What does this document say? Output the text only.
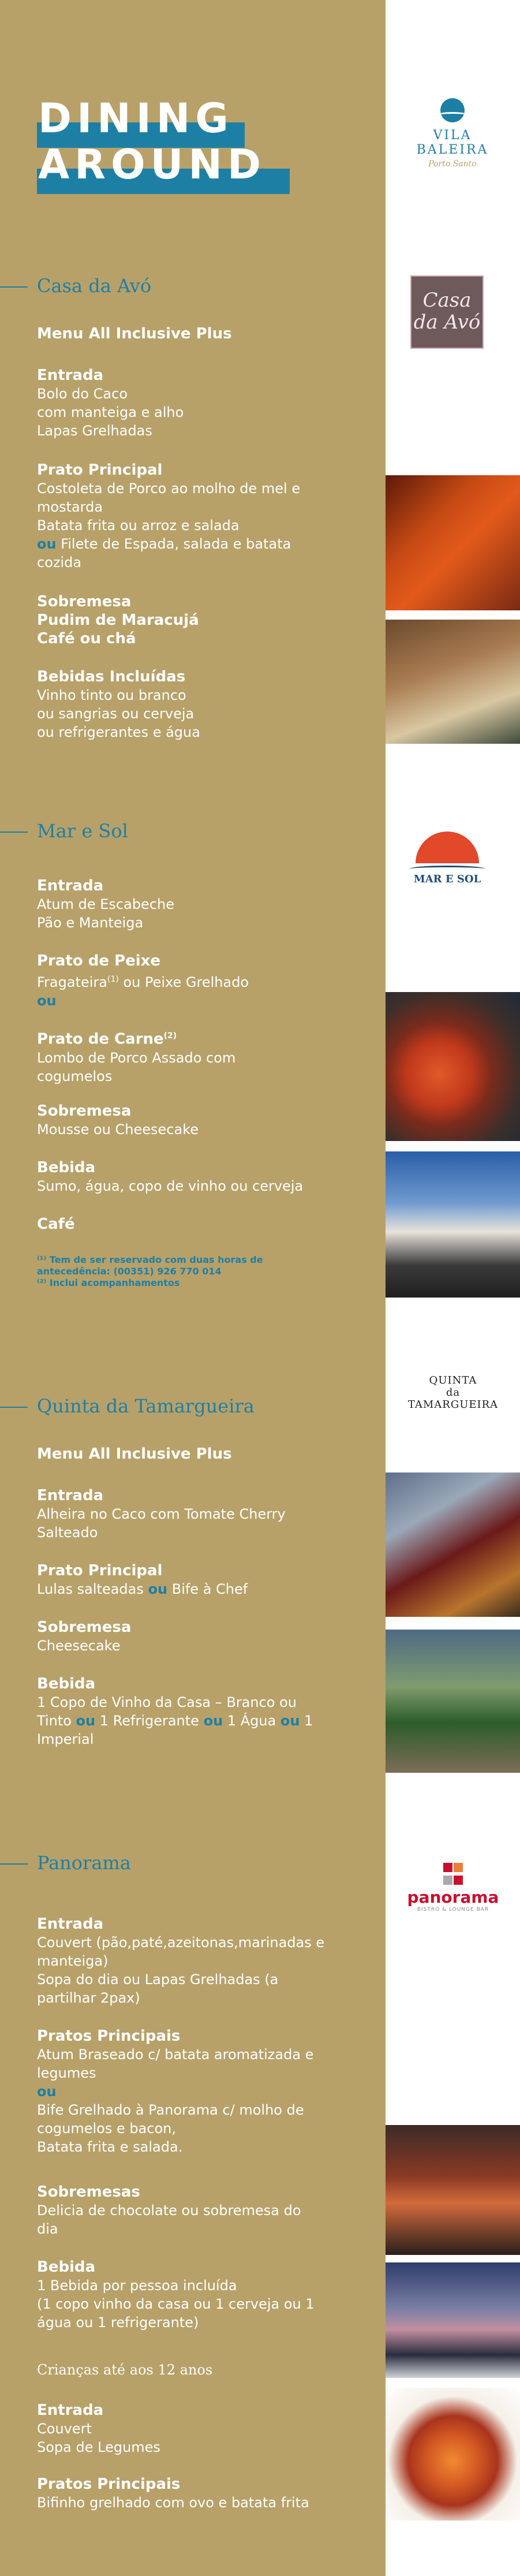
DINING
AROUND
VILA BALEIRA
Porto Santo
Casa da Avó
Casa da Avó

Menu All Inclusive Plus

Entrada

Bolo do Caco

com manteiga e alho

Lapas Grelhadas

Prato Principal

Costoleta de Porco ao molho de mel e

mostarda

Batata frita ou arroz e salada

ou Filete de Espada, salada e batata

cozida

Sobremesa

Pudim de Maracujá

Café ou chá

Bebidas Incluídas

Vinho tinto ou branco

ou sangrias ou cerveja

ou refrigerantes e água

Mar e Sol
MAR E SOL

Entrada

Atum de Escabeche

Pão e Manteiga

Prato de Peixe

Fragateira$^{(1)}$ ou Peixe Grelhado

ou

Prato de Carne$^{(2)}$

Lombo de Porco Assado com

cogumelos

Sobremesa

Mousse ou Cheesecake

Bebida

Sumo, água, copo de vinho ou cerveja

Café

⁽¹⁾ Tem de ser reservado com duas horas de
antecedência: (00351) 926 770 014
⁽²⁾ Inclui acompanhamentos
Quinta da Tamargueira
QUINTA
da TAMARGUEIRA

Menu All Inclusive Plus

Entrada

Alheira no Caco com Tomate Cherry

Salteado

Prato Principal

Lulas salteadas ou Bife à Chef

Sobremesa

Cheesecake

Bebida

1 Copo de Vinho da Casa – Branco ou

Tinto ou 1 Refrigerante ou 1 Água ou 1

Imperial

Panorama

panorama
BISTRO & LOUNGE BAR

Entrada

Couvert (pão,paté,azeitonas,marinadas e

manteiga)

Sopa do dia ou Lapas Grelhadas (a

partilhar 2pax)

Pratos Principais

Atum Braseado c/ batata aromatizada e

legumes

ou

Bife Grelhado à Panorama c/ molho de

cogumelos e bacon,

Batata frita e salada.

Sobremesas

Delicia de chocolate ou sobremesa do

dia

Bebida

1 Bebida por pessoa incluída

(1 copo vinho da casa ou 1 cerveja ou 1

água ou 1 refrigerante)

Crianças até aos 12 anos

Entrada

Couvert

Sopa de Legumes

Pratos Principais

Bifinho grelhado com ovo e batata frita
